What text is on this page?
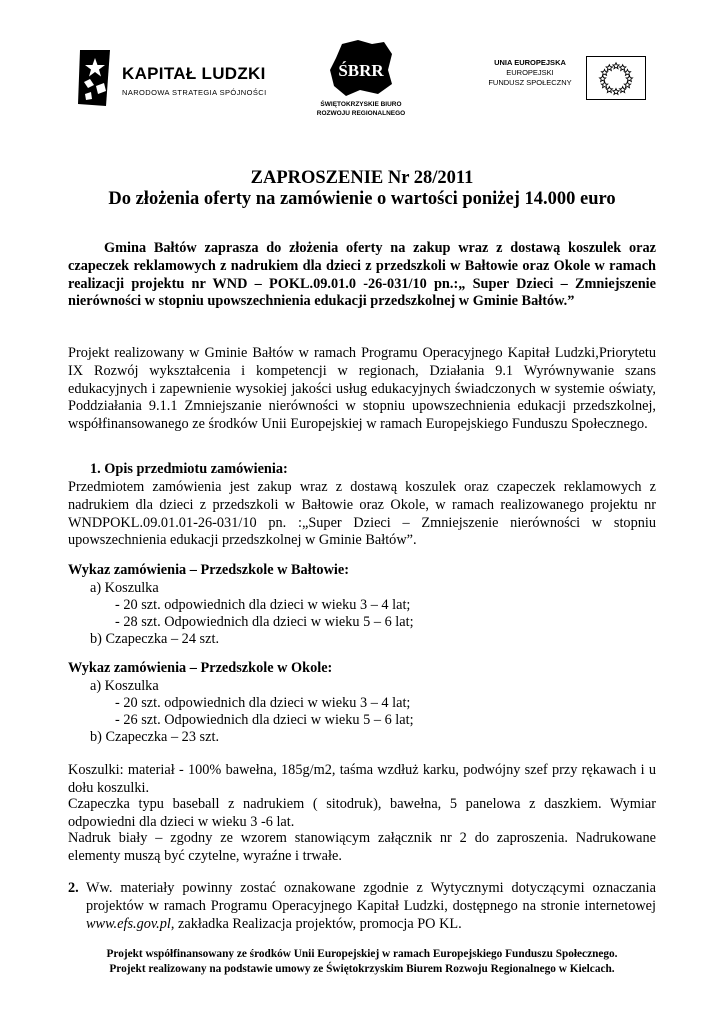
KAPITAŁ LUDZKI
NARODOWA STRATEGIA SPÓJNOŚCI
ŚBRR
ŚWIĘTOKRZYSKIE BIURO
ROZWOJU REGIONALNEGO
UNIA EUROPEJSKA
EUROPEJSKI
FUNDUSZ SPOŁECZNY
ZAPROSZENIE Nr 28/2011
Do złożenia oferty na zamówienie o wartości poniżej 14.000 euro
Gmina Bałtów zaprasza do złożenia oferty na zakup wraz z dostawą koszulek oraz czapeczek reklamowych z nadrukiem dla dzieci z przedszkoli w Bałtowie oraz Okole w ramach realizacji projektu nr WND – POKL.09.01.0 -26-031/10 pn.:„ Super Dzieci – Zmniejszenie nierówności w stopniu upowszechnienia edukacji przedszkolnej w Gminie Bałtów.”
Projekt realizowany w Gminie Bałtów w ramach Programu Operacyjnego Kapitał Ludzki,Priorytetu IX Rozwój wykształcenia i kompetencji w regionach, Działania 9.1 Wyrównywanie szans edukacyjnych i zapewnienie wysokiej jakości usług edukacyjnych świadczonych w systemie oświaty, Poddziałania 9.1.1 Zmniejszanie nierówności w stopniu upowszechnienia edukacji przedszkolnej, współfinansowanego ze środków Unii Europejskiej w ramach Europejskiego Funduszu Społecznego.
1. Opis przedmiotu zamówienia:
Przedmiotem zamówienia jest zakup wraz z dostawą koszulek oraz czapeczek reklamowych z nadrukiem dla dzieci z przedszkoli w Bałtowie oraz Okole, w ramach realizowanego projektu nr WNDPOKL.09.01.01-26-031/10 pn. :„Super Dzieci – Zmniejszenie nierówności w stopniu upowszechnienia edukacji przedszkolnej w Gminie Bałtów”.
Wykaz zamówienia – Przedszkole w Bałtowie:
a) Koszulka
- 20 szt. odpowiednich dla dzieci w wieku 3 – 4 lat;
- 28 szt. Odpowiednich dla dzieci w wieku 5 – 6 lat;
b) Czapeczka – 24 szt.
Wykaz zamówienia – Przedszkole w Okole:
a) Koszulka
- 20 szt. odpowiednich dla dzieci w wieku 3 – 4 lat;
- 26 szt. Odpowiednich dla dzieci w wieku 5 – 6 lat;
b) Czapeczka – 23 szt.
Koszulki: materiał - 100% bawełna, 185g/m2, taśma wzdłuż karku, podwójny szef przy rękawach i u dołu koszulki.
Czapeczka typu baseball z nadrukiem ( sitodruk), bawełna, 5 panelowa z daszkiem. Wymiar odpowiedni dla dzieci w wieku 3 -6 lat.
Nadruk biały – zgodny ze wzorem stanowiącym załącznik nr 2 do zaproszenia. Nadrukowane elementy muszą być czytelne, wyraźne i trwałe.
2. Ww. materiały powinny zostać oznakowane zgodnie z Wytycznymi dotyczącymi oznaczania projektów w ramach Programu Operacyjnego Kapitał Ludzki, dostępnego na stronie internetowej www.efs.gov.pl, zakładka Realizacja projektów, promocja PO KL.
Projekt współfinansowany ze środków Unii Europejskiej w ramach Europejskiego Funduszu Społecznego.
Projekt realizowany na podstawie umowy ze Świętokrzyskim Biurem Rozwoju Regionalnego w Kielcach.
